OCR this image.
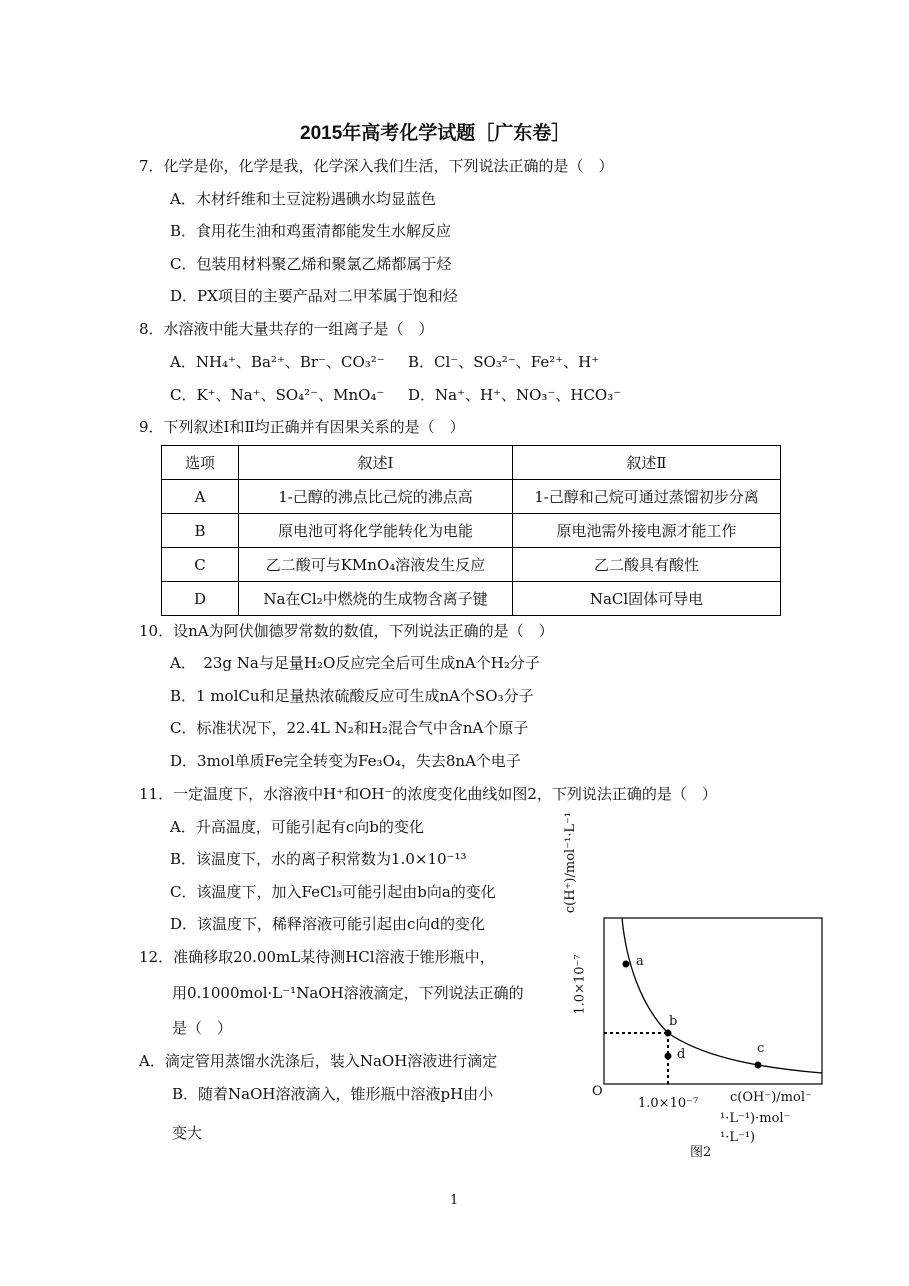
2015年高考化学试题［广东卷］
7．化学是你，化学是我，化学深入我们生活，下列说法正确的是（　）
A．木材纤维和土豆淀粉遇碘水均显蓝色
B．食用花生油和鸡蛋清都能发生水解反应
C．包装用材料聚乙烯和聚氯乙烯都属于烃
D．PX项目的主要产品对二甲苯属于饱和烃
8．水溶液中能大量共存的一组离子是（　）
A．NH₄⁺、Ba²⁺、Br⁻、CO₃²⁻ B．Cl⁻、SO₃²⁻、Fe²⁺、H⁺
C．K⁺、Na⁺、SO₄²⁻、MnO₄⁻ D．Na⁺、H⁺、NO₃⁻、HCO₃⁻
9．下列叙述Ⅰ和Ⅱ均正确并有因果关系的是（　）
选项	叙述Ⅰ	叙述Ⅱ
A	1-己醇的沸点比己烷的沸点高	1-己醇和己烷可通过蒸馏初步分离
B	原电池可将化学能转化为电能	原电池需外接电源才能工作
C	乙二酸可与KMnO₄溶液发生反应	乙二酸具有酸性
D	Na在Cl₂中燃烧的生成物含离子键	NaCl固体可导电
10．设nA为阿伏伽德罗常数的数值，下列说法正确的是（　）
A．　23g Na与足量H₂O反应完全后可生成nA个H₂分子
B．1 molCu和足量热浓硫酸反应可生成nA个SO₃分子
C．标准状况下，22.4L N₂和H₂混合气中含nA个原子
D．3mol单质Fe完全转变为Fe₃O₄，失去8nA个电子
11．一定温度下，水溶液中H⁺和OH⁻的浓度变化曲线如图2，下列说法正确的是（　）
A．升高温度，可能引起有c向b的变化
B．该温度下，水的离子积常数为1.0×10⁻¹³
C．该温度下，加入FeCl₃可能引起由b向a的变化
D．该温度下，稀释溶液可能引起由c向d的变化
12．准确移取20.00mL某待测HCl溶液于锥形瓶中，
用0.1000mol·L⁻¹NaOH溶液滴定，下列说法正确的
是（　）
A．滴定管用蒸馏水洗涤后，装入NaOH溶液进行滴定
B．随着NaOH溶液滴入，锥形瓶中溶液pH由小
变大
a
b
c
d
O
c(H⁺)/mol⁻¹·L⁻¹
1.0×10⁻⁷
1.0×10⁻⁷ c(OH⁻)/mol⁻
¹·L⁻¹)·mol⁻
¹·L⁻¹)
图2
1
